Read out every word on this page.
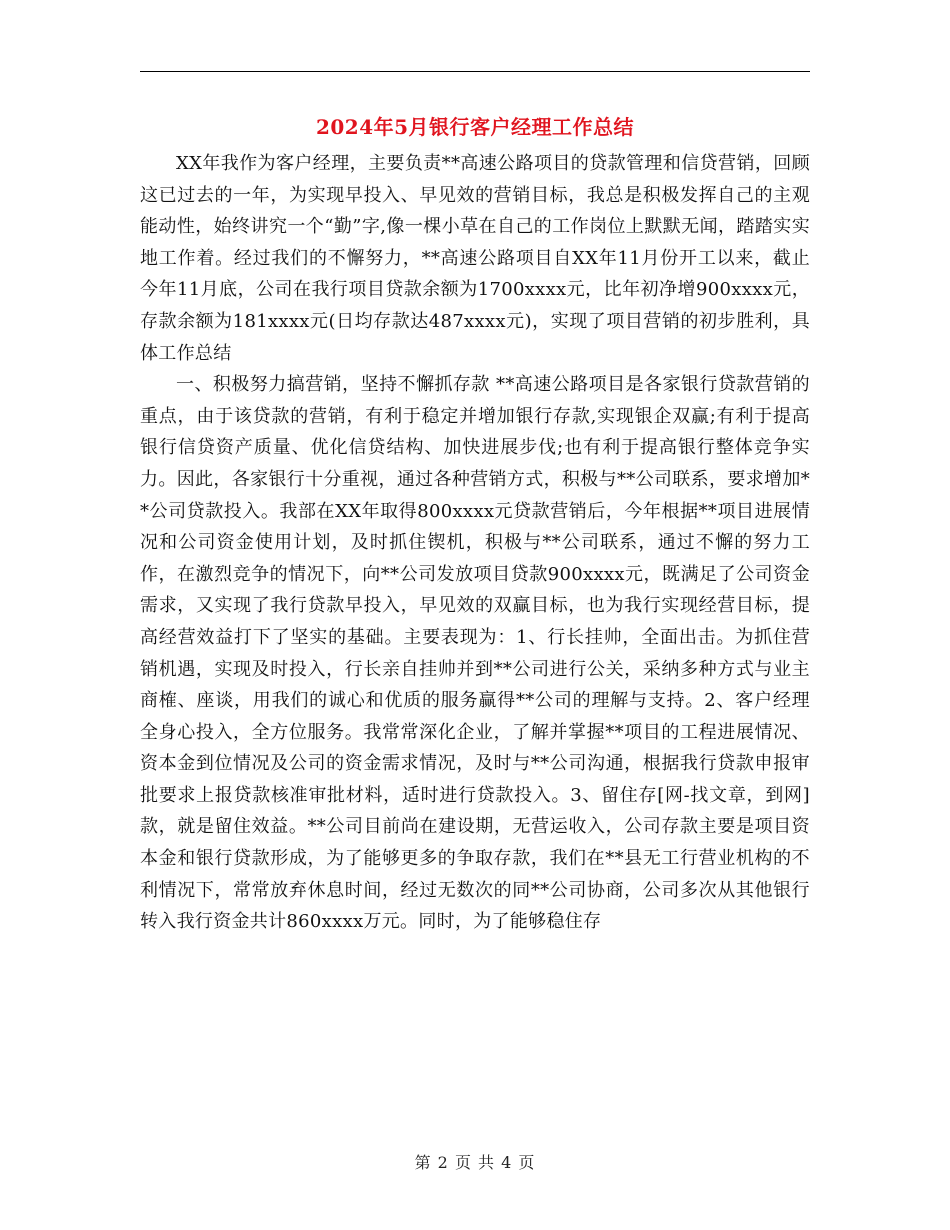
2024年5月银行客户经理工作总结

XX年我作为客户经理，主要负责**高速公路项目的贷款管理和信贷营销，回顾这已过去的一年，为实现早投入、早见效的营销目标，我总是积极发挥自己的主观能动性，始终讲究一个“勤”字,像一棵小草在自己的工作岗位上默默无闻，踏踏实实地工作着。经过我们的不懈努力，**高速公路项目自XX年11月份开工以来，截止今年11月底，公司在我行项目贷款余额为1700xxxx元，比年初净增900xxxx元，存款余额为181xxxx元(日均存款达487xxxx元)，实现了项目营销的初步胜利，具体工作总结

一、积极努力搞营销，坚持不懈抓存款 **高速公路项目是各家银行贷款营销的重点，由于该贷款的营销，有利于稳定并增加银行存款,实现银企双赢;有利于提高银行信贷资产质量、优化信贷结构、加快进展步伐;也有利于提高银行整体竞争实力。因此，各家银行十分重视，通过各种营销方式，积极与**公司联系，要求增加**公司贷款投入。我部在XX年取得800xxxx元贷款营销后，今年根据**项目进展情况和公司资金使用计划，及时抓住锲机，积极与**公司联系，通过不懈的努力工作，在激烈竞争的情况下，向**公司发放项目贷款900xxxx元，既满足了公司资金需求，又实现了我行贷款早投入，早见效的双赢目标，也为我行实现经营目标，提高经营效益打下了坚实的基础。主要表现为：1、行长挂帅，全面出击。为抓住营销机遇，实现及时投入，行长亲自挂帅并到**公司进行公关，采纳多种方式与业主商榷、座谈，用我们的诚心和优质的服务赢得**公司的理解与支持。2、客户经理全身心投入，全方位服务。我常常深化企业，了解并掌握**项目的工程进展情况、资本金到位情况及公司的资金需求情况，及时与**公司沟通，根据我行贷款申报审批要求上报贷款核准审批材料，适时进行贷款投入。3、留住存[网-找文章，到网]款，就是留住效益。**公司目前尚在建设期，无营运收入，公司存款主要是项目资本金和银行贷款形成，为了能够更多的争取存款，我们在**县无工行营业机构的不利情况下，常常放弃休息时间，经过无数次的同**公司协商，公司多次从其他银行转入我行资金共计860xxxx万元。同时，为了能够稳住存

第 2 页 共 4 页
